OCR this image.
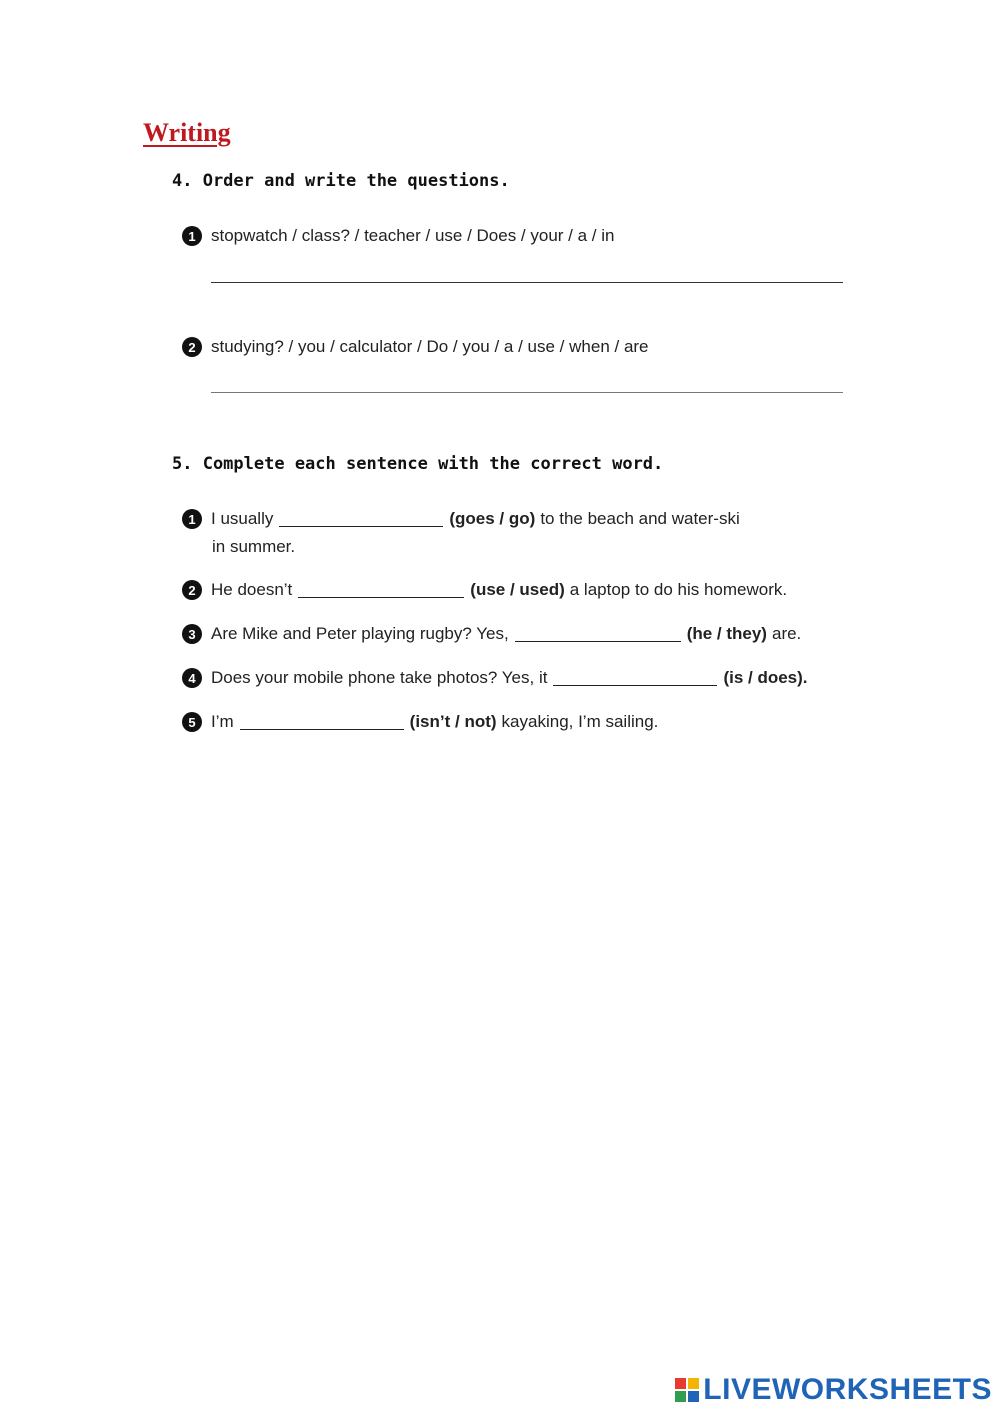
Writing
4. Order and write the questions.
1 stopwatch / class? / teacher / use / Does / your / a / in
2 studying? / you / calculator / Do / you / a / use / when / are
5. Complete each sentence with the correct word.
1 I usually	(goes / go) to the beach and water-ski
in summer.
2 He doesn’t	(use / used) a laptop to do his homework.
3 Are Mike and Peter playing rugby? Yes,	(he / they) are.
4 Does your mobile phone take photos? Yes, it	(is / does).
5 I’m	(isn’t / not) kayaking, I’m sailing.
LIVEWORKSHEETS
